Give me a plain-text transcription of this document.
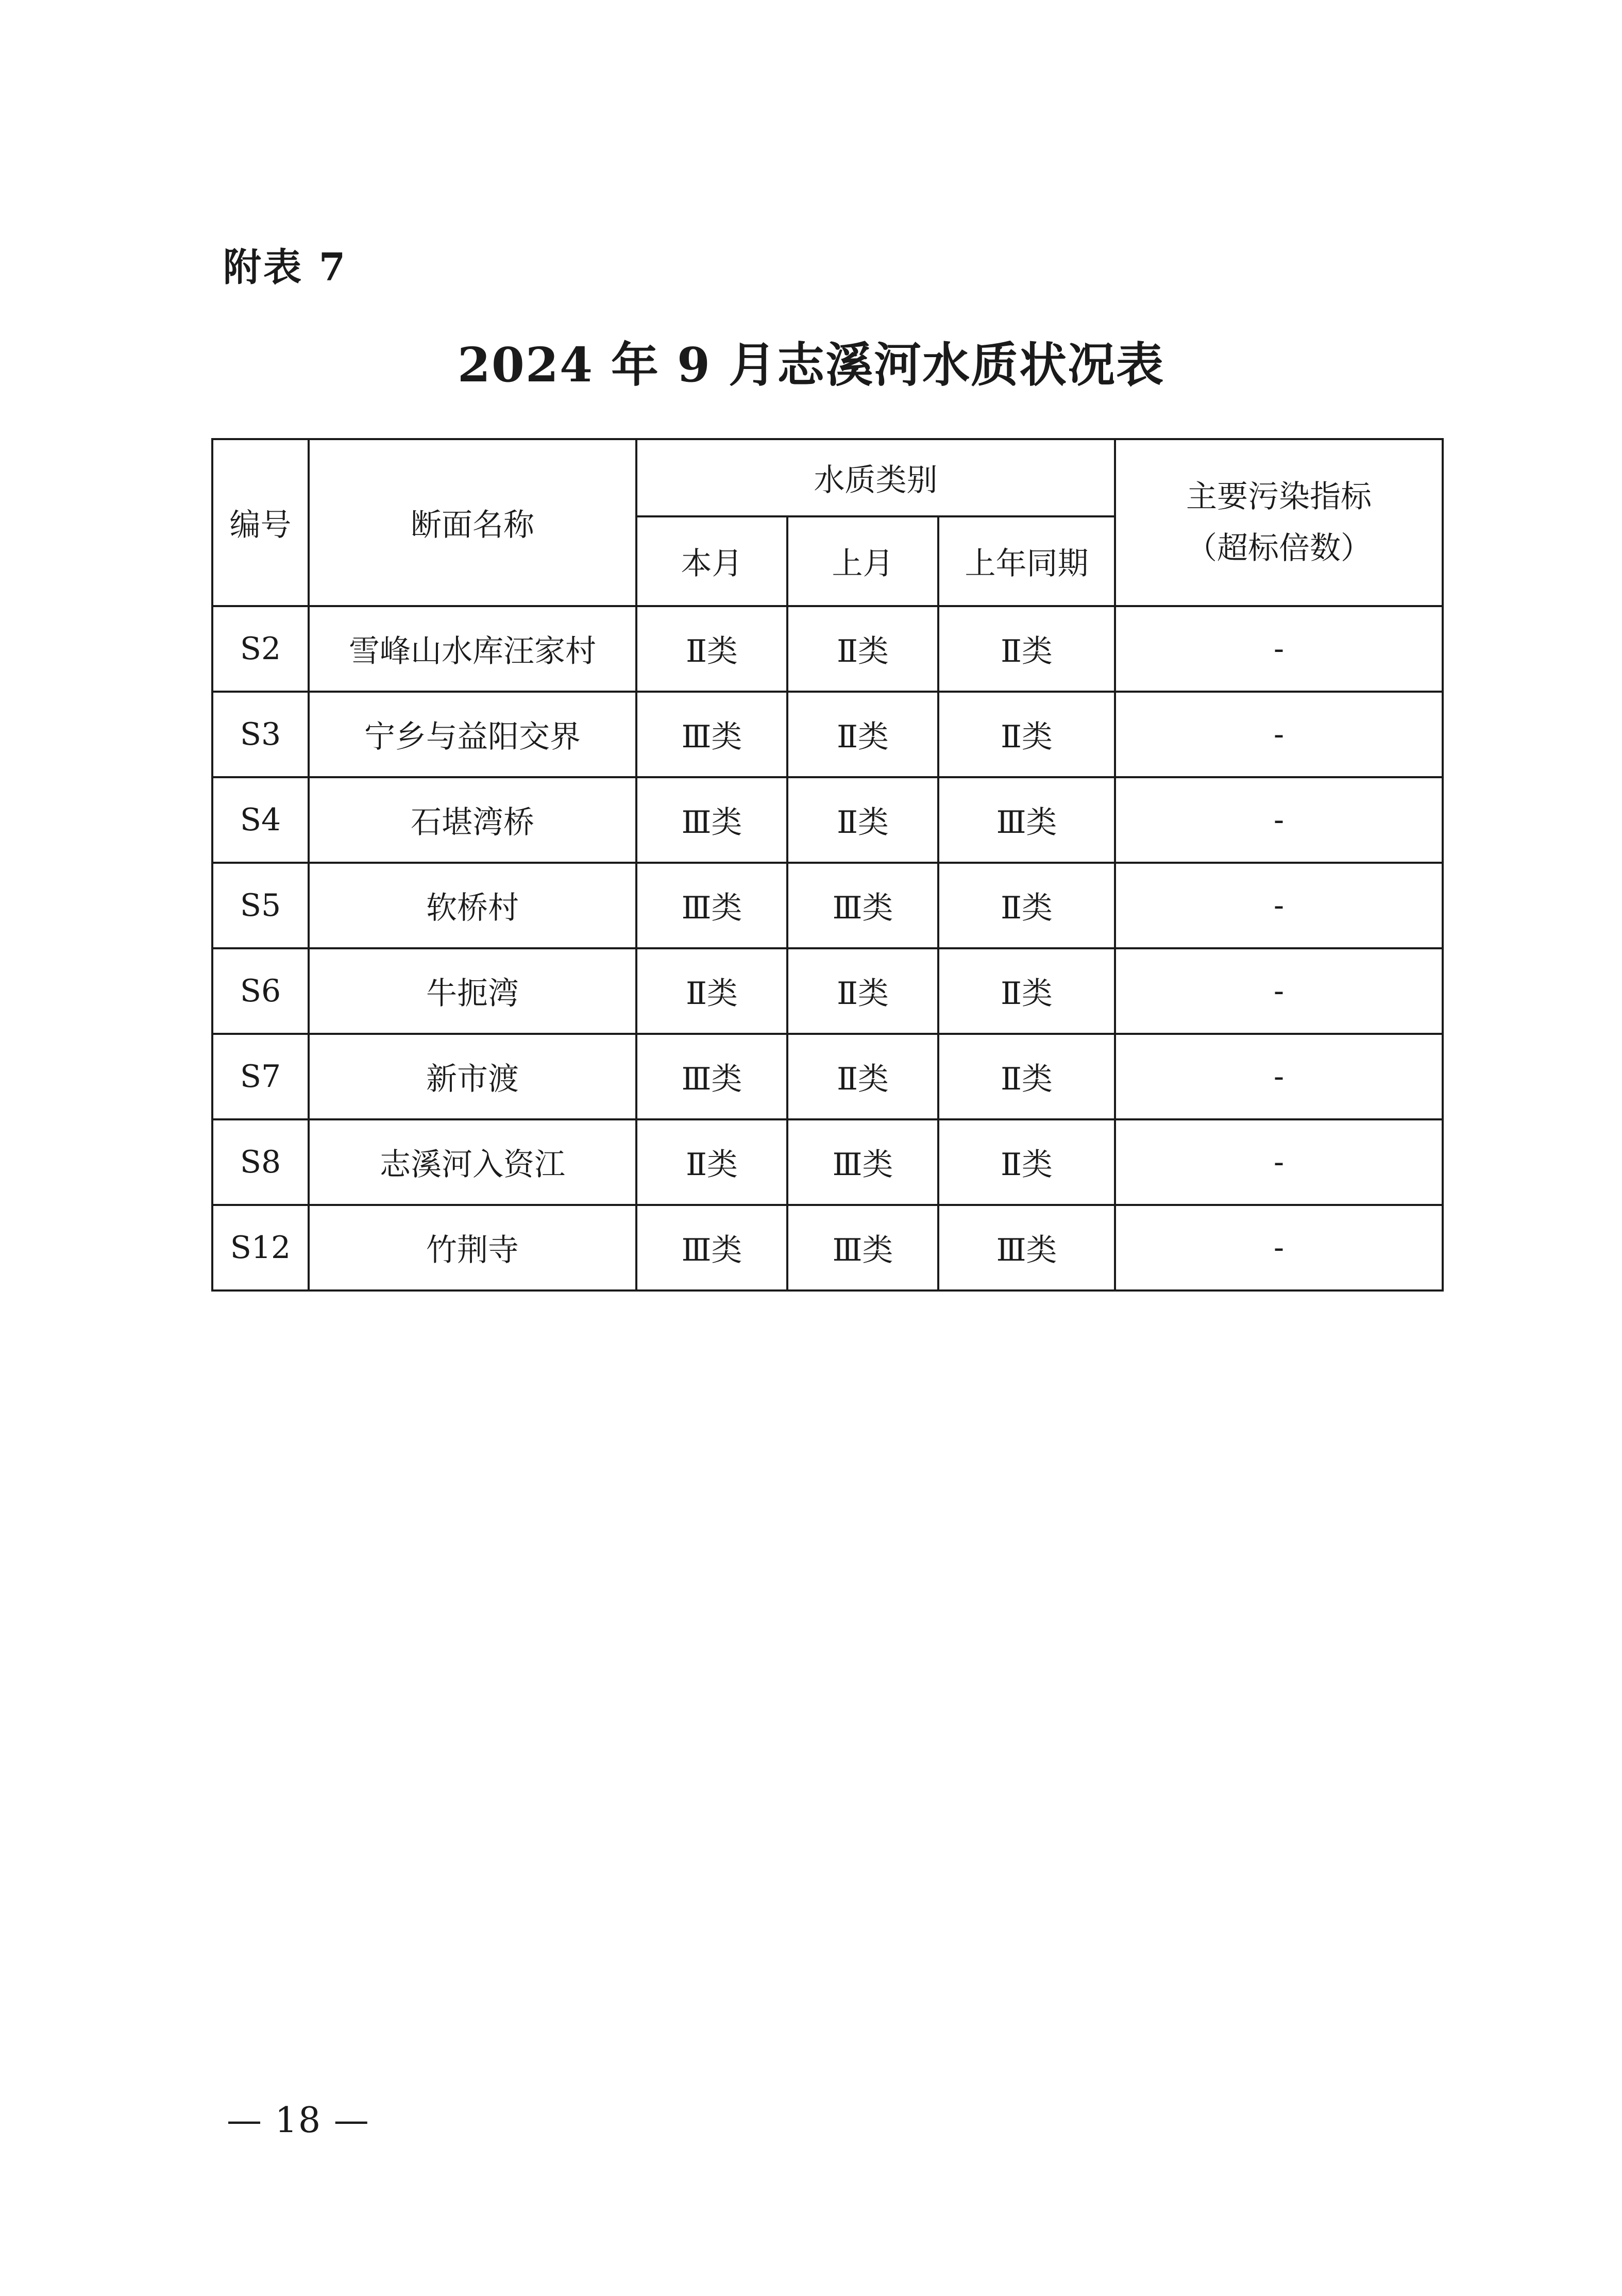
附表 7
2024 年 9 月志溪河水质状况表
编号	断面名称	水质类别			主要污染指标
（超标倍数）

		本月	上月	上年同期	
S2	雪峰山水库汪家村	Ⅱ类	Ⅱ类	Ⅱ类	-
S3	宁乡与益阳交界	Ⅲ类	Ⅱ类	Ⅱ类	-
S4	石堪湾桥	Ⅲ类	Ⅱ类	Ⅲ类	-
S5	软桥村	Ⅲ类	Ⅲ类	Ⅱ类	-
S6	牛扼湾	Ⅱ类	Ⅱ类	Ⅱ类	-
S7	新市渡	Ⅲ类	Ⅱ类	Ⅱ类	-
S8	志溪河入资江	Ⅱ类	Ⅲ类	Ⅱ类	-
S12	竹荆寺	Ⅲ类	Ⅲ类	Ⅲ类	-
— 18 —
